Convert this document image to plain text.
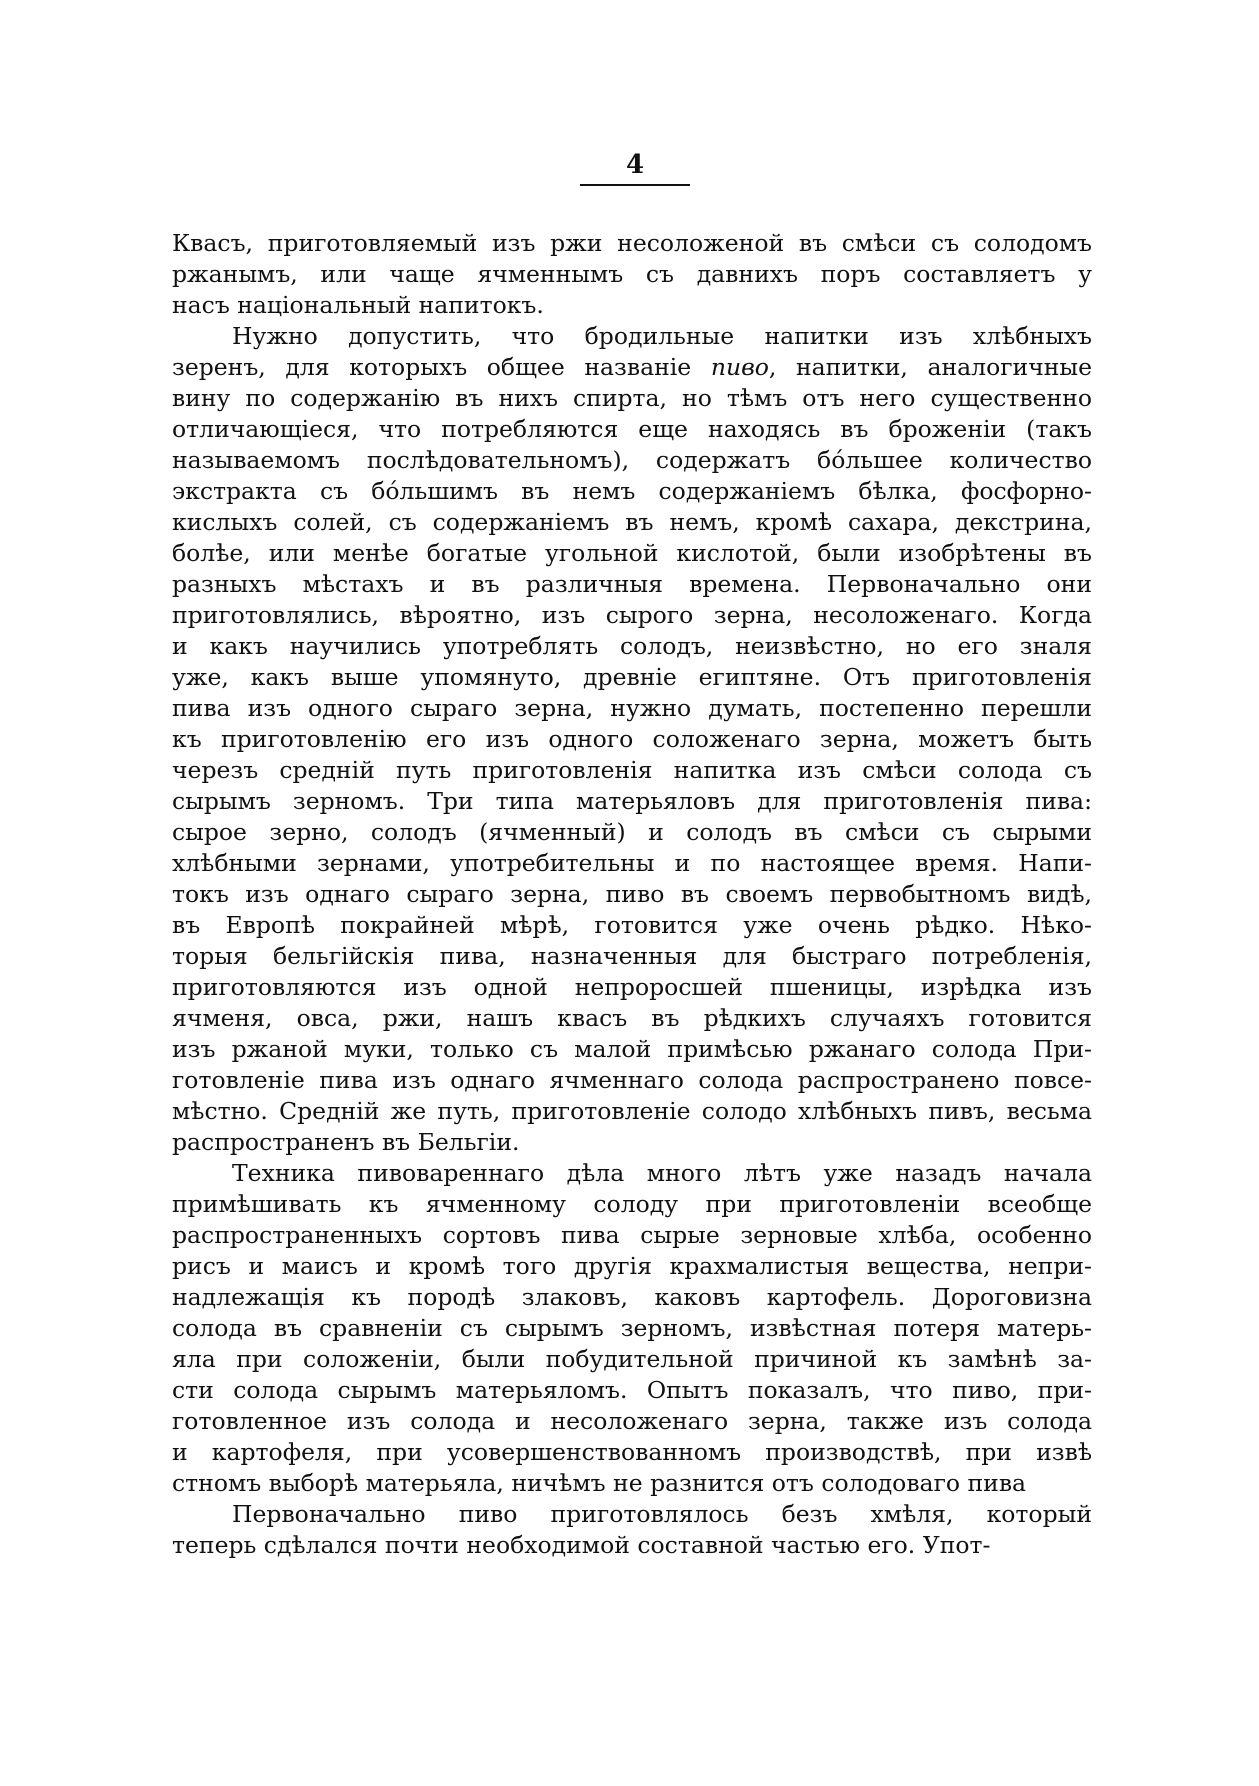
4
Квасъ, приготовляемый изъ ржи несоложеной въ смѣси съ солодомъ
ржанымъ, или чаще ячменнымъ съ давнихъ поръ составляетъ у
насъ національный напитокъ.
Нужно допустить, что бродильные напитки изъ хлѣбныхъ
зеренъ, для которыхъ общее названіе пиво, напитки, аналогичные
вину по содержанію въ нихъ спирта, но тѣмъ отъ него существенно
отличающіеся, что потребляются еще находясь въ броженіи (такъ
называемомъ послѣдовательномъ), содержатъ бóльшее количество
экстракта съ бóльшимъ въ немъ содержаніемъ бѣлка, фосфорно-
кислыхъ солей, съ содержаніемъ въ немъ, кромѣ сахара, декстрина,
болѣе, или менѣе богатые угольной кислотой, были изобрѣтены въ
разныхъ мѣстахъ и въ различныя времена. Первоначально они
приготовлялись, вѣроятно, изъ сырого зерна, несоложенаго. Когда
и какъ научились употреблять солодъ, неизвѣстно, но его зналя
уже, какъ выше упомянуто, древніе египтяне. Отъ приготовленія
пива изъ одного сыраго зерна, нужно думать, постепенно перешли
къ приготовленію его изъ одного соложенаго зерна, можетъ быть
черезъ средній путь приготовленія напитка изъ смѣси солода съ
сырымъ зерномъ. Три типа матерьяловъ для приготовленія пива:
сырое зерно, солодъ (ячменный) и солодъ въ смѣси съ сырыми
хлѣбными зернами, употребительны и по настоящее время. Напи-
токъ изъ однаго сыраго зерна, пиво въ своемъ первобытномъ видѣ,
въ Европѣ покрайней мѣрѣ, готовится уже очень рѣдко. Нѣко-
торыя бельгійскія пива, назначенныя для быстраго потребленія,
приготовляются изъ одной непроросшей пшеницы, изрѣдка изъ
ячменя, овса, ржи, нашъ квасъ въ рѣдкихъ случаяхъ готовится
изъ ржаной муки, только съ малой примѣсью ржанаго солода При-
готовленіе пива изъ однаго ячменнаго солода распространено повсе-
мѣстно. Средній же путь, приготовленіе солодо хлѣбныхъ пивъ, весьма
распространенъ въ Бельгіи.
Техника пивовареннаго дѣла много лѣтъ уже назадъ начала
примѣшивать къ ячменному солоду при приготовленіи всеобще
распространенныхъ сортовъ пива сырые зерновые хлѣба, особенно
рисъ и маисъ и кромѣ того другія крахмалистыя вещества, непри-
надлежащія къ породѣ злаковъ, каковъ картофель. Дороговизна
солода въ сравненіи съ сырымъ зерномъ, извѣстная потеря матерь-
яла при соложеніи, были побудительной причиной къ замѣнѣ за-
сти солода сырымъ матерьяломъ. Опытъ показалъ, что пиво, при-
готовленное изъ солода и несоложенаго зерна, также изъ солода
и картофеля, при усовершенствованномъ производствѣ, при извѣ
стномъ выборѣ матерьяла, ничѣмъ не разнится отъ солодоваго пива
Первоначально пиво приготовлялось безъ хмѣля, который
теперь сдѣлался почти необходимой составной частью его. Упот-
